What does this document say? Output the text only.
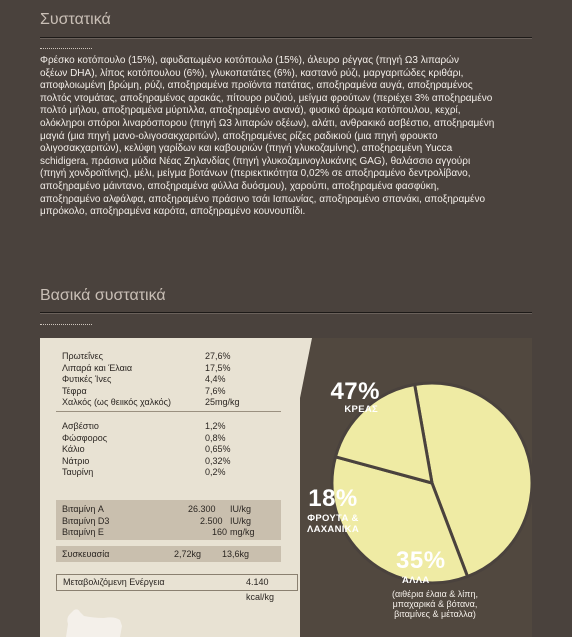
Συστατικά
Φρέσκο κοτόπουλο (15%), αφυδατωμένο κοτόπουλο (15%), άλευρο ρέγγας (πηγή Ω3 λιπαρών
οξέων DHA), λίπος κοτόπουλου (6%), γλυκοπατάτες (6%), καστανό ρύζι, μαργαριτώδες κριθάρι,
αποφλοιωμένη βρώμη, ρύζι, αποξηραμένα προϊόντα πατάτας, αποξηραμένα αυγά, αποξηραμένος
πολτός ντομάτας, αποξηραμένος αρακάς, πίτουρο ρυζιού, μείγμα φρούτων (περιέχει 3% αποξηραμένο
πολτό μήλου, αποξηραμένα μύρτιλλα, αποξηραμένο ανανά), φυσικό άρωμα κοτόπουλου, κεχρί,
ολόκληροι σπόροι λιναρόσπορου (πηγή Ω3 λιπαρών οξέων), αλάτι, ανθρακικό ασβέστιο, αποξηραμένη
μαγιά (μια πηγή μανο-ολιγοσακχαριτών), αποξηραμένες ρίζες ραδικιού (μια πηγή φρουκτο
ολιγοσακχαριτών), κελύφη γαρίδων και καβουριών (πηγή γλυκοζαμίνης), αποξηραμένη Yucca
schidigera, πράσινα μύδια Νέας Ζηλανδίας (πηγή γλυκοζαμινογλυκάνης GAG), θαλάσσιο αγγούρι
(πηγή χονδροϊτίνης), μέλι, μείγμα βοτάνων (περιεκτικότητα 0,02% σε αποξηραμένο δεντρολίβανο,
αποξηραμένο μάιντανο, αποξηραμένα φύλλα δυόσμου), χαρούπι, αποξηραμένα φασφύκη,
αποξηραμένο αλφάλφα, αποξηραμένο πράσινο τσάι Ιαπωνίας, αποξηραμένο σπανάκι, αποξηραμένο
μπρόκολο, αποξηραμένα καρότα, αποξηραμένο κουνουπίδι.
Βασικά συστατικά
Πρωτεΐνες	27,6%
Λιπαρά και Έλαια	17,5%
Φυτικές Ίνες	4,4%
Τέφρα	7,6%
Χαλκός (ως θειικός χαλκός)	25mg/kg
Ασβέστιο	1,2%
Φώσφορος	0,8%
Κάλιο	0,65%
Νάτριο	0,32%
Ταυρίνη	0,2%
Βιταμίνη A	26.300 IU/kg
Βιταμίνη D3	2.500 IU/kg
Βιταμίνη E	160 mg/kg
Συσκευασία	2,72kg 13,6kg
Μεταβολιζόμενη Ενέργεια	4.140 kcal/kg
47%
ΚΡΕΑΣ
18%
ΦΡΟΥΤΑ &
ΛΑΧΑΝΙΚΑ
35%
ΆΛΛΑ
(αιθέρια έλαια & λίπη,
μπαχαρικά & βότανα,
βιταμίνες & μέταλλα)
